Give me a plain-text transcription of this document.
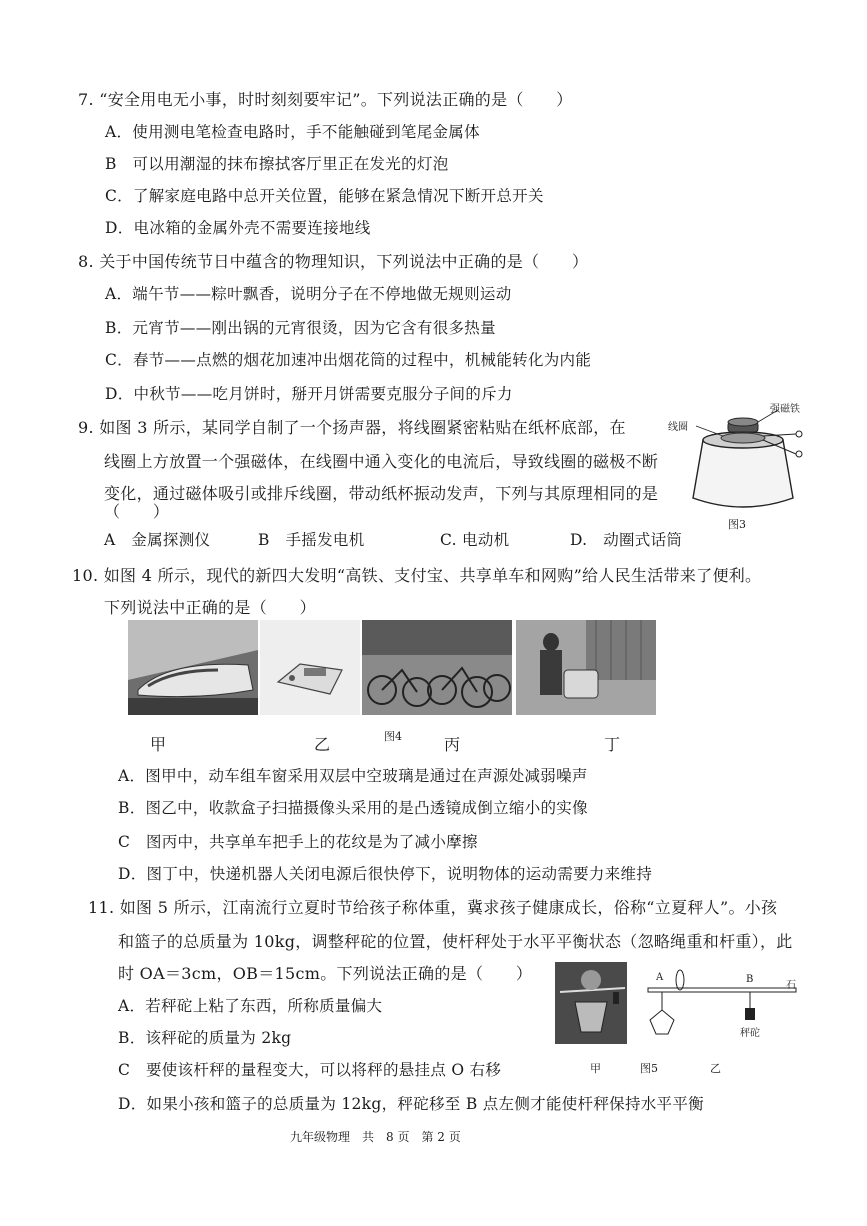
7. “安全用电无小事，时时刻刻要牢记”。下列说法正确的是（　　）
A．使用测电笔检查电路时，手不能触碰到笔尾金属体
B　可以用潮湿的抹布擦拭客厅里正在发光的灯泡
C．了解家庭电路中总开关位置，能够在紧急情况下断开总开关
D．电冰箱的金属外壳不需要连接地线
8. 关于中国传统节日中蕴含的物理知识，下列说法中正确的是（　　）
A．端午节——粽叶飘香，说明分子在不停地做无规则运动
B．元宵节——刚出锅的元宵很烫，因为它含有很多热量
C．春节——点燃的烟花加速冲出烟花筒的过程中，机械能转化为内能
D．中秋节——吃月饼时，掰开月饼需要克服分子间的斥力
9. 如图 3 所示，某同学自制了一个扬声器，将线圈紧密粘贴在纸杯底部，在
线圈上方放置一个强磁体，在线圈中通入变化的电流后，导致线圈的磁极不断
变化，通过磁体吸引或排斥线圈，带动纸杯振动发声，下列与其原理相同的是
（　　）
A　金属探测仪	B　手摇发电机	C. 电动机	D.　动圈式话筒
线圈
强磁铁
图3
10. 如图 4 所示，现代的新四大发明“高铁、支付宝、共享单车和网购”给人民生活带来了便利。
下列说法中正确的是（　　）
甲	乙	图4	丙	丁
A．图甲中，动车组车窗采用双层中空玻璃是通过在声源处减弱噪声
B．图乙中，收款盒子扫描摄像头采用的是凸透镜成倒立缩小的实像
C　图丙中，共享单车把手上的花纹是为了减小摩擦
D．图丁中，快递机器人关闭电源后很快停下，说明物体的运动需要力来维持
11. 如图 5 所示，江南流行立夏时节给孩子称体重，冀求孩子健康成长，俗称“立夏秤人”。小孩
和篮子的总质量为 10kg，调整秤砣的位置，使杆秤处于水平平衡状态（忽略绳重和杆重），此
时 OA＝3cm，OB＝15cm。下列说法正确的是（　　）
A．若秤砣上粘了东西，所称质量偏大
B．该秤砣的质量为 2kg
C　要使该杆秤的量程变大，可以将秤的悬挂点 O 右移
D．如果小孩和篮子的总质量为 12kg，秤砣移至 B 点左侧才能使杆秤保持水平平衡
A	B
秤砣
石
甲	图5	乙
九年级物理　共　8 页　第 2 页
